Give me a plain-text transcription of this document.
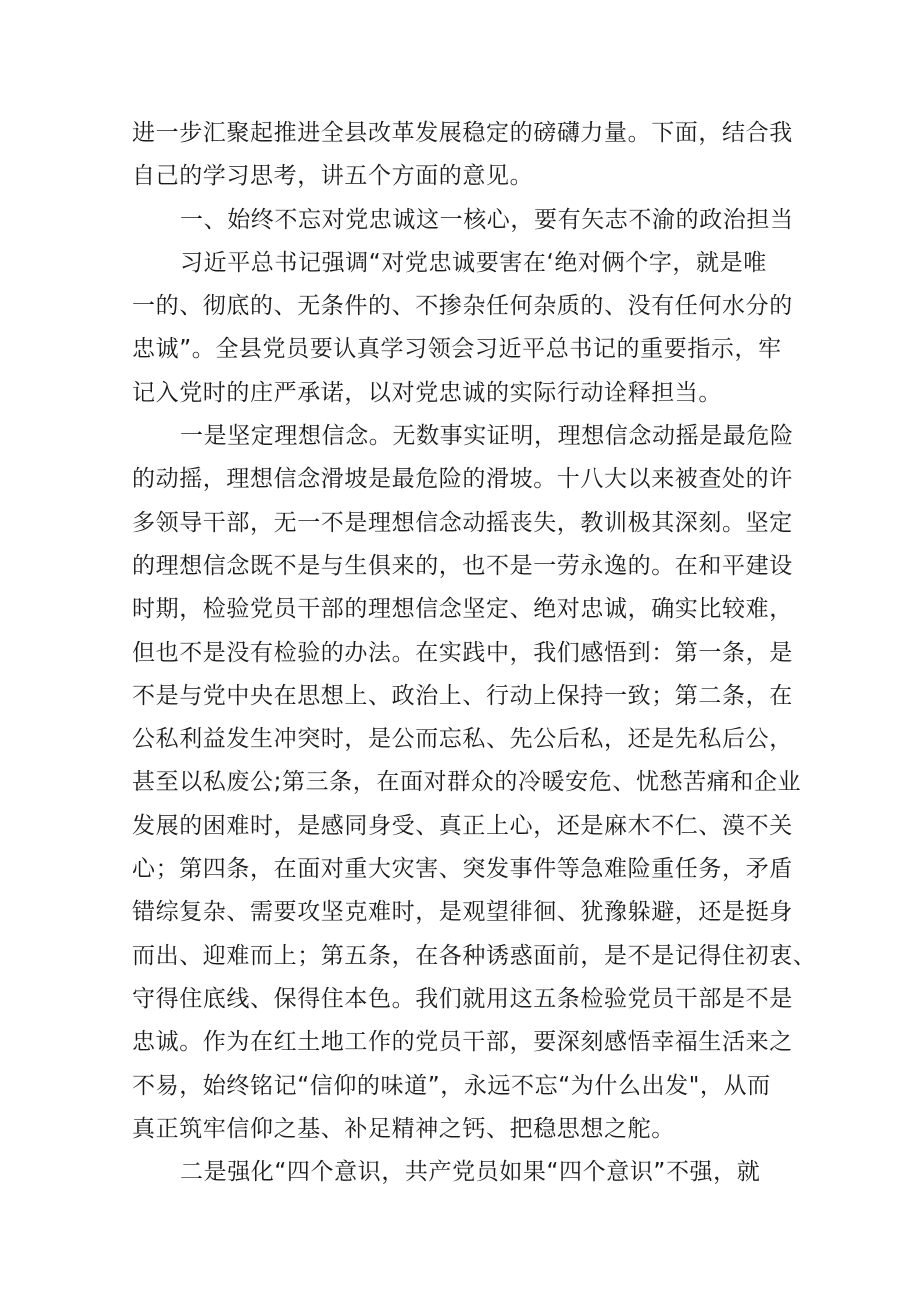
进一步汇聚起推进全县改革发展稳定的磅礴力量。下面，结合我
自己的学习思考，讲五个方面的意见。
一、始终不忘对党忠诚这一核心，要有矢志不渝的政治担当
习近平总书记强调“对党忠诚要害在‘绝对俩个字，就是唯
一的、彻底的、无条件的、不掺杂任何杂质的、没有任何水分的
忠诚”。全县党员要认真学习领会习近平总书记的重要指示，牢
记入党时的庄严承诺，以对党忠诚的实际行动诠释担当。
一是坚定理想信念。无数事实证明，理想信念动摇是最危险
的动摇，理想信念滑坡是最危险的滑坡。十八大以来被查处的许
多领导干部，无一不是理想信念动摇丧失，教训极其深刻。坚定
的理想信念既不是与生俱来的，也不是一劳永逸的。在和平建设
时期，检验党员干部的理想信念坚定、绝对忠诚，确实比较难，
但也不是没有检验的办法。在实践中，我们感悟到：第一条，是
不是与党中央在思想上、政治上、行动上保持一致；第二条，在
公私利益发生冲突时，是公而忘私、先公后私，还是先私后公，
甚至以私废公;第三条，在面对群众的冷暖安危、忧愁苦痛和企业
发展的困难时，是感同身受、真正上心，还是麻木不仁、漠不关
心；第四条，在面对重大灾害、突发事件等急难险重任务，矛盾
错综复杂、需要攻坚克难时，是观望徘徊、犹豫躲避，还是挺身
而出、迎难而上；第五条，在各种诱惑面前，是不是记得住初衷、
守得住底线、保得住本色。我们就用这五条检验党员干部是不是
忠诚。作为在红土地工作的党员干部，要深刻感悟幸福生活来之
不易，始终铭记“信仰的味道”，永远不忘“为什么出发"，从而
真正筑牢信仰之基、补足精神之钙、把稳思想之舵。
二是强化“四个意识，共产党员如果“四个意识”不强，就
